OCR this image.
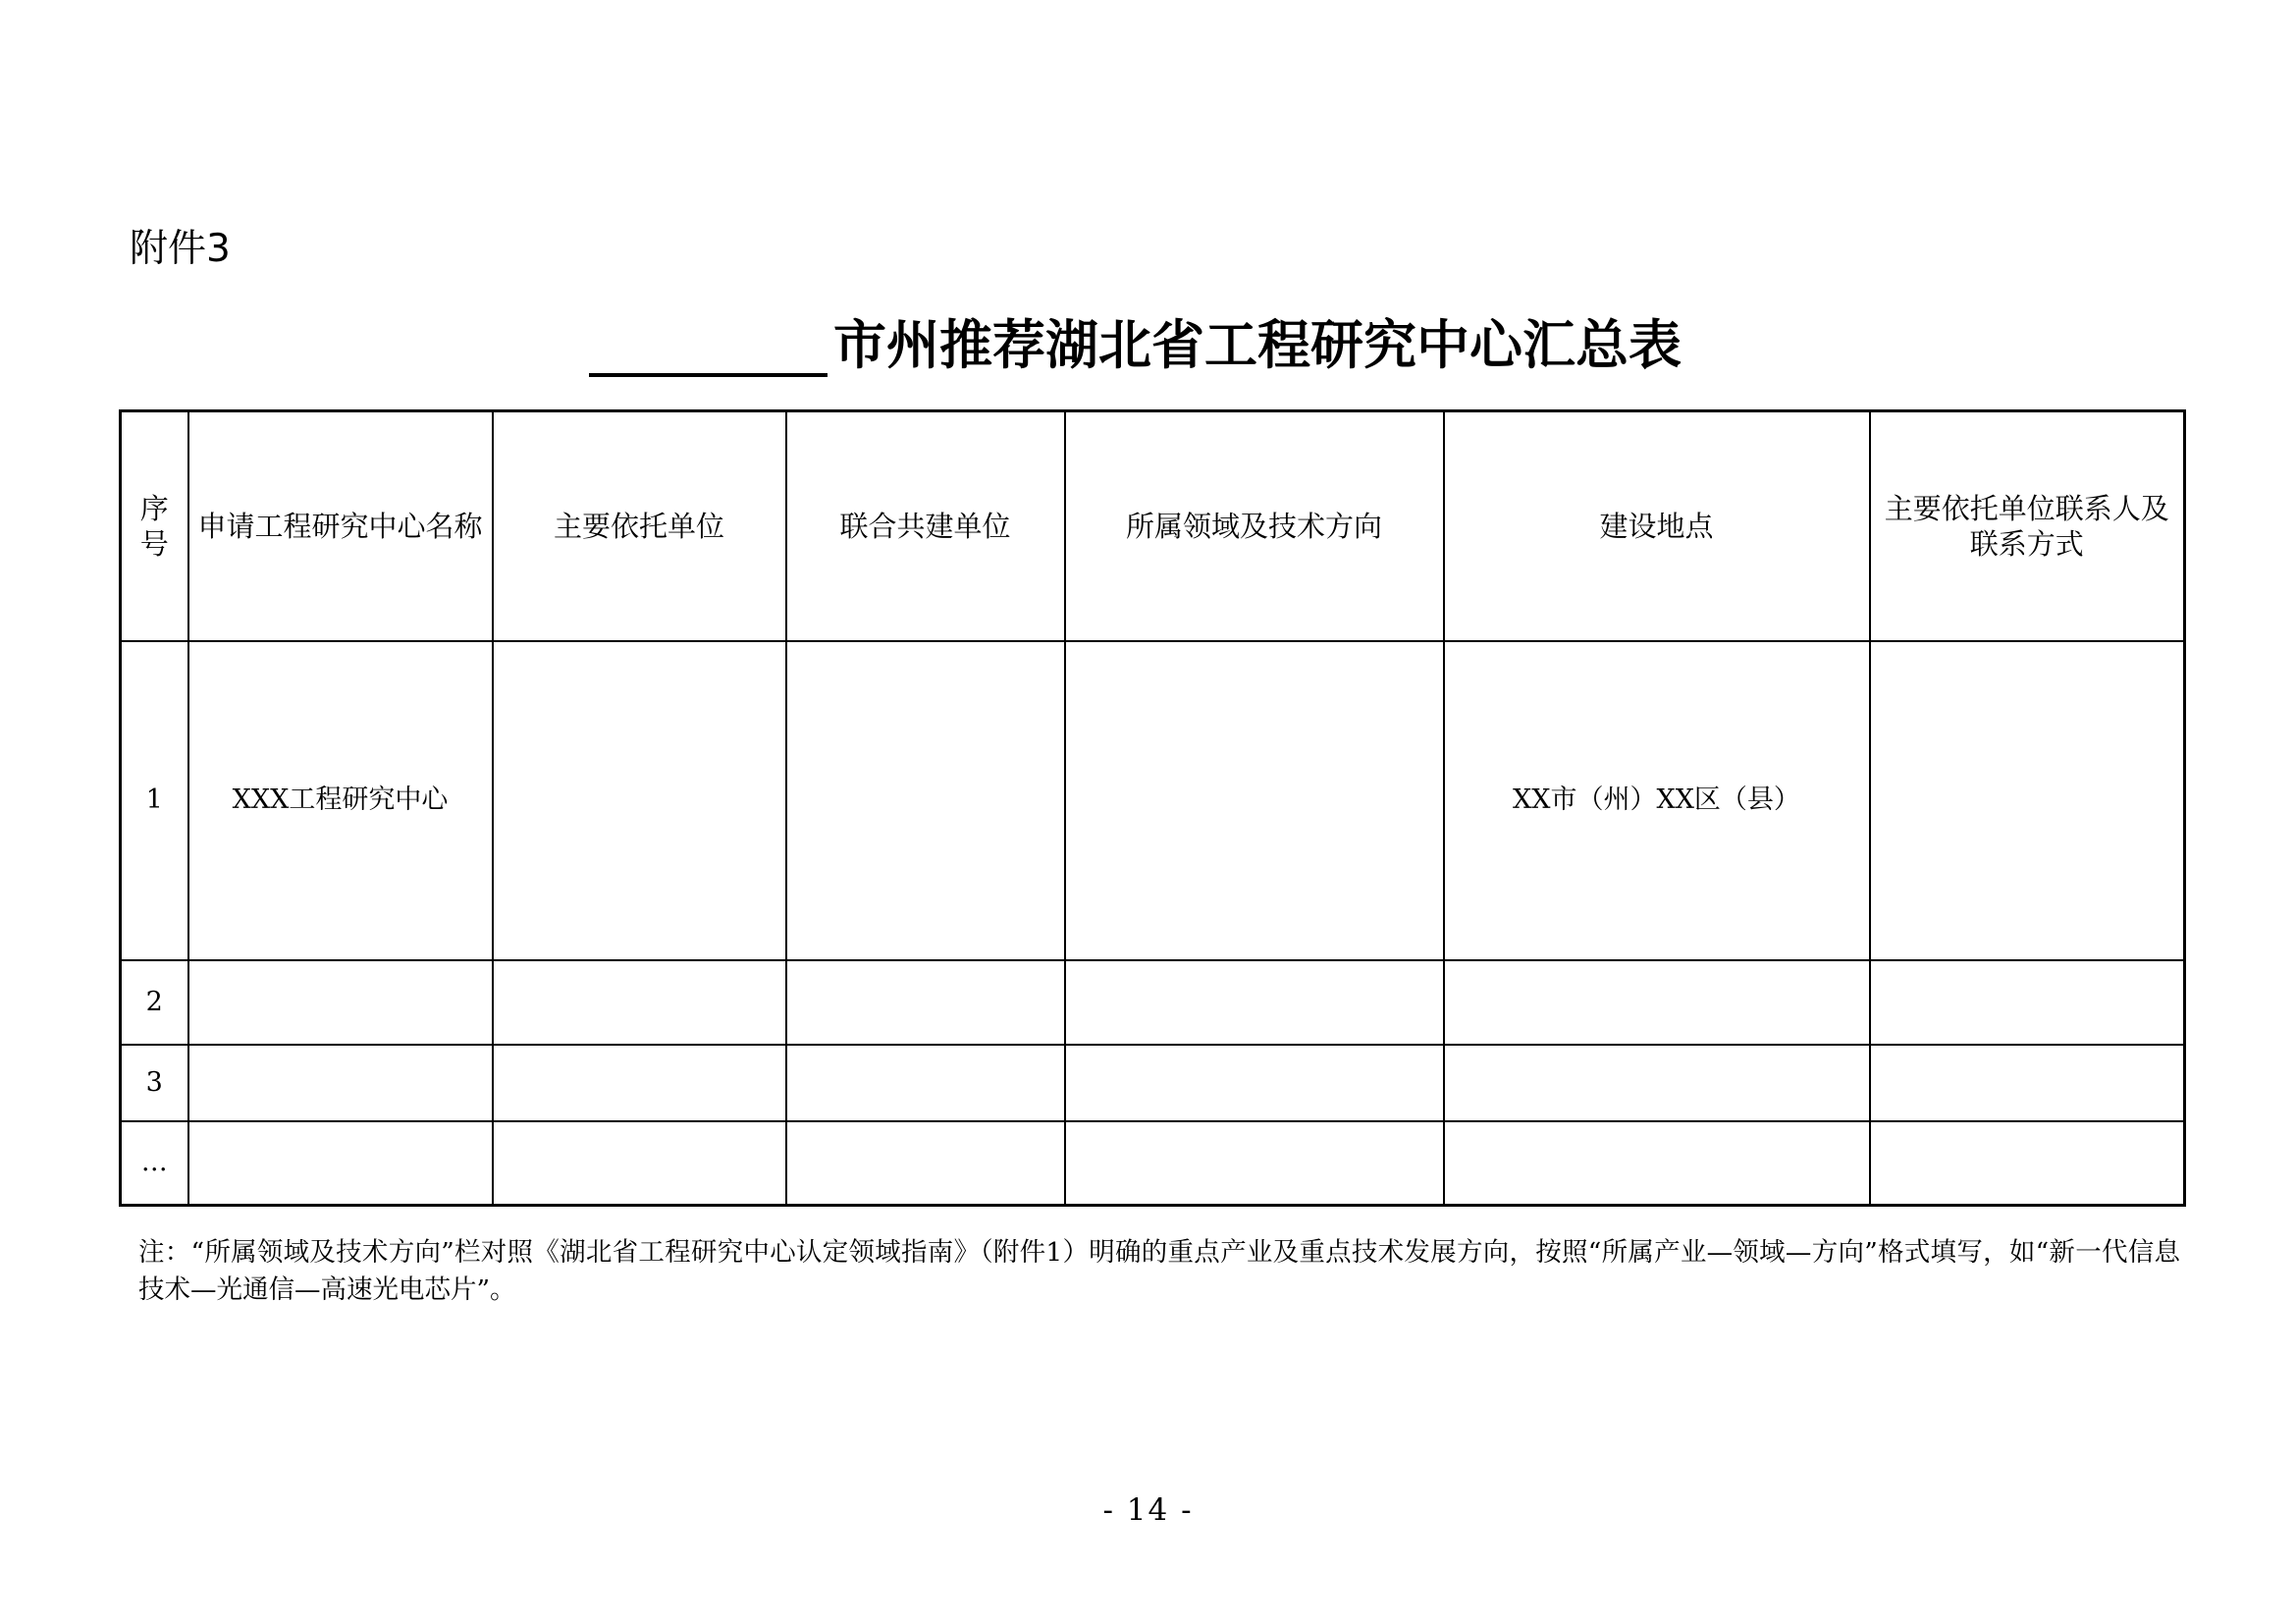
附件3
市州推荐湖北省工程研究中心汇总表
序号	申请工程研究中心名称	主要依托单位	联合共建单位	所属领域及技术方向	建设地点	主要依托单位联系人及联系方式

1	XXX工程研究中心				XX市（州）XX区（县）	
2						
3						
…						
注：“所属领域及技术方向”栏对照《湖北省工程研究中心认定领域指南》（附件1）明确的重点产业及重点技术发展方向，按照“所属产业—领域—方向”格式填写，如“新一代信息技术—光通信—高速光电芯片”。
- 14 -
